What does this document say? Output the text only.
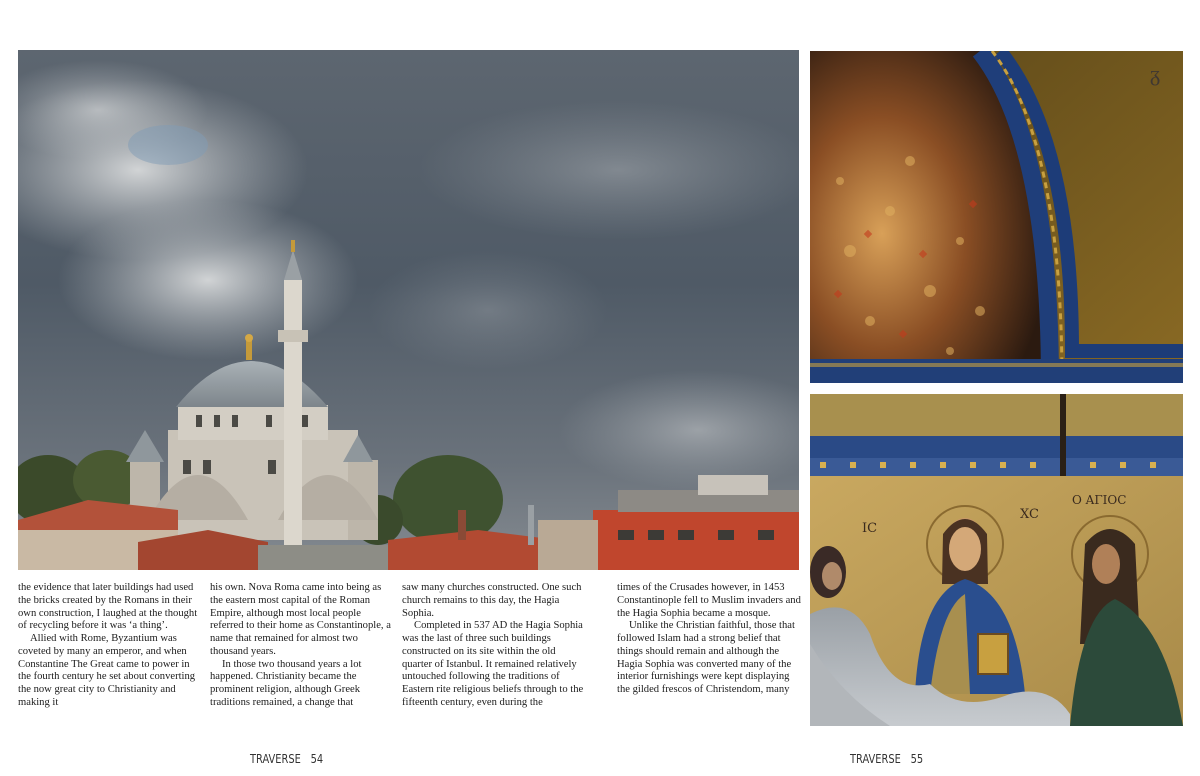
ᵹ
IC
XC
O AΓIOC

the evidence that later buildings had used the bricks created by the Romans in their own construction, I laughed at the thought of recycling before it was ‘a thing’.

Allied with Rome, Byzantium was coveted by many an emperor, and when Constantine The Great came to power in the fourth century he set about converting the now great city to Christianity and making it

his own. Nova Roma came into being as the eastern most capital of the Roman Empire, although most local people referred to their home as Constantinople, a name that remained for almost two thousand years.

In those two thousand years a lot happened. Christianity became the prominent religion, although Greek traditions remained, a change that

saw many churches constructed. One such church remains to this day, the Hagia Sophia.

Completed in 537 AD the Hagia Sophia was the last of three such buildings constructed on its site within the old quarter of Istanbul. It remained relatively untouched following the traditions of Eastern rite religious beliefs through to the fifteenth century, even during the

times of the Crusades however, in 1453 Constantinople fell to Muslim invaders and the Hagia Sophia became a mosque.

Unlike the Christian faithful, those that followed Islam had a strong belief that things should remain and although the Hagia Sophia was converted many of the interior furnishings were kept displaying the gilded frescos of Christendom, many

TRAVERSE 54	TRAVERSE 55
